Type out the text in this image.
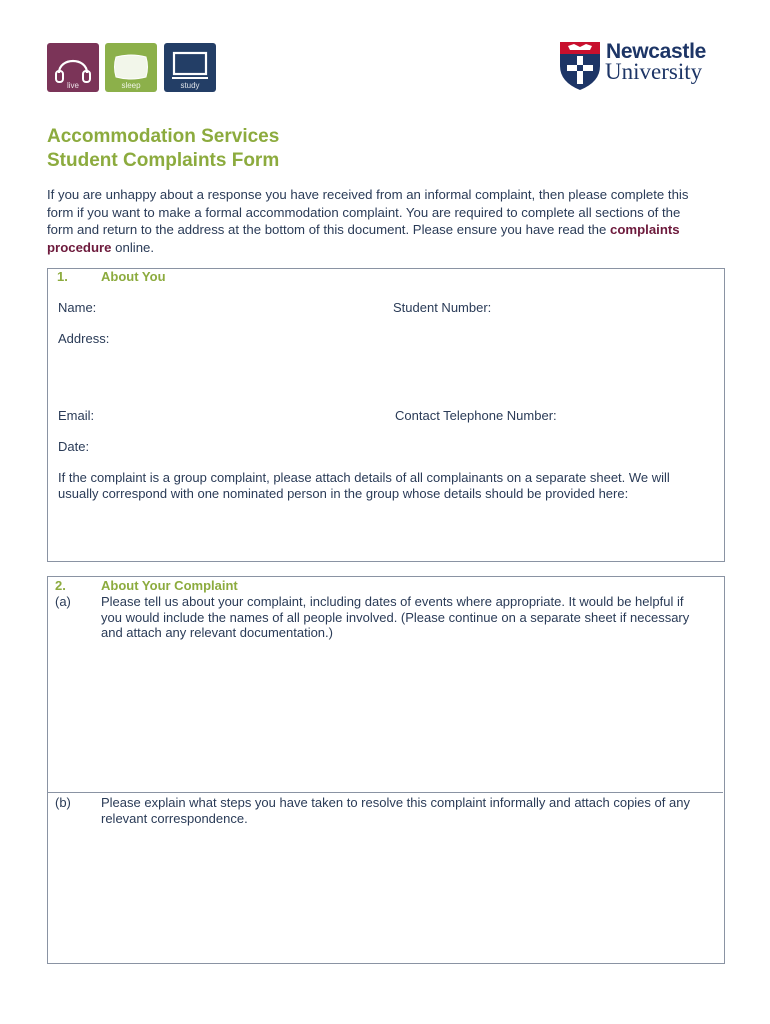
live	sleep	study
Newcastle
University
Accommodation Services
Student Complaints Form
If you are unhappy about a response you have received from an informal complaint, then please complete this form if you want to make a formal accommodation complaint. You are required to complete all sections of the form and return to the address at the bottom of this document. Please ensure you have read the complaints procedure online.
1.	About You
Name:	Student Number:
Address:
Email:	Contact Telephone Number:
Date:
If the complaint is a group complaint, please attach details of all complainants on a separate sheet. We will usually correspond with one nominated person in the group whose details should be provided here:
2.	About Your Complaint
(a) Please tell us about your complaint, including dates of events where appropriate. It would be helpful if you would include the names of all people involved. (Please continue on a separate sheet if necessary and attach any relevant documentation.)
(b) Please explain what steps you have taken to resolve this complaint informally and attach copies of any relevant correspondence.
